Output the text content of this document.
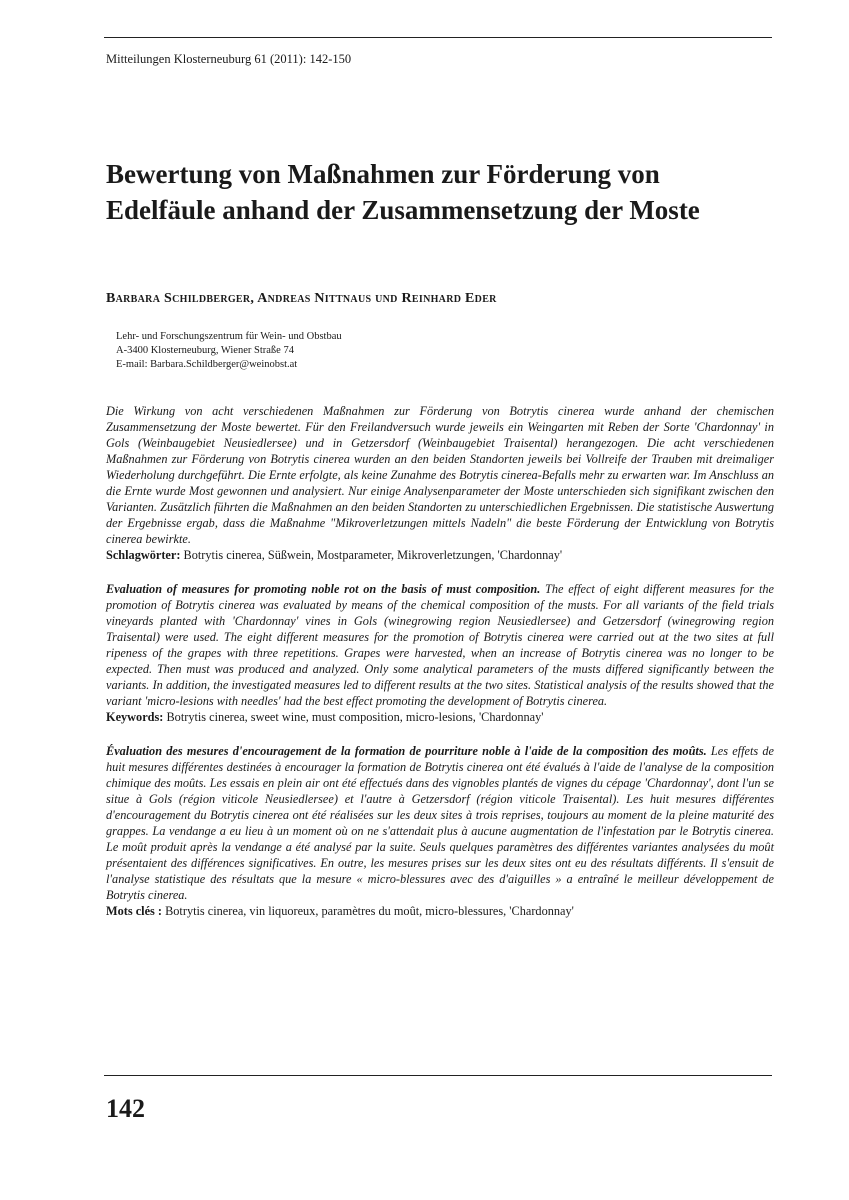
Mitteilungen Klosterneuburg 61 (2011): 142-150
Bewertung von Maßnahmen zur Förderung von
Edelfäule anhand der Zusammensetzung der Moste
Barbara Schildberger, Andreas Nittnaus und Reinhard Eder
Lehr- und Forschungszentrum für Wein- und Obstbau
A-3400 Klosterneuburg, Wiener Straße 74
E-mail: Barbara.Schildberger@weinobst.at

Die Wirkung von acht verschiedenen Maßnahmen zur Förderung von Botrytis cinerea wurde anhand der chemischen Zusammensetzung der Moste bewertet. Für den Freilandversuch wurde jeweils ein Weingarten mit Reben der Sorte 'Chardonnay' in Gols (Weinbaugebiet Neusiedlersee) und in Getzersdorf (Weinbaugebiet Traisental) herangezogen. Die acht verschiedenen Maßnahmen zur Förderung von Botrytis cinerea wurden an den beiden Standorten jeweils bei Vollreife der Trauben mit dreimaliger Wiederholung durchgeführt. Die Ernte erfolgte, als keine Zunahme des Botrytis cinerea-Befalls mehr zu erwarten war. Im Anschluss an die Ernte wurde Most gewonnen und analysiert. Nur einige Analysenparameter der Moste unterschieden sich signifikant zwischen den Varianten. Zusätzlich führten die Maßnahmen an den beiden Standorten zu unterschiedlichen Ergebnissen. Die statistische Auswertung der Ergebnisse ergab, dass die Maßnahme "Mikroverletzungen mittels Nadeln" die beste Förderung der Entwicklung von Botrytis cinerea bewirkte.

Schlagwörter: Botrytis cinerea, Süßwein, Mostparameter, Mikroverletzungen, 'Chardonnay'

Evaluation of measures for promoting noble rot on the basis of must composition. The effect of eight different measures for the promotion of Botrytis cinerea was evaluated by means of the chemical composition of the musts. For all variants of the field trials vineyards planted with 'Chardonnay' vines in Gols (winegrowing region Neusiedlersee) and Getzersdorf (winegrowing region Traisental) were used. The eight different measures for the promotion of Botrytis cinerea were carried out at the two sites at full ripeness of the grapes with three repetitions. Grapes were harvested, when an increase of Botrytis cinerea was no longer to be expected. Then must was produced and analyzed. Only some analytical parameters of the musts differed significantly between the variants. In addition, the investigated measures led to different results at the two sites. Statistical analysis of the results showed that the variant 'micro-lesions with needles' had the best effect promoting the development of Botrytis cinerea.

Keywords: Botrytis cinerea, sweet wine, must composition, micro-lesions, 'Chardonnay'

Évaluation des mesures d'encouragement de la formation de pourriture noble à l'aide de la composition des moûts. Les effets de huit mesures différentes destinées à encourager la formation de Botrytis cinerea ont été évalués à l'aide de l'analyse de la composition chimique des moûts. Les essais en plein air ont été effectués dans des vignobles plantés de vignes du cépage 'Chardonnay', dont l'un se situe à Gols (région viticole Neusiedlersee) et l'autre à Getzersdorf (région viticole Traisental). Les huit mesures différentes d'encouragement du Botrytis cinerea ont été réalisées sur les deux sites à trois reprises, toujours au moment de la pleine maturité des grappes. La vendange a eu lieu à un moment où on ne s'attendait plus à aucune augmentation de l'infestation par le Botrytis cinerea. Le moût produit après la vendange a été analysé par la suite. Seuls quelques paramètres des différentes variantes analysées du moût présentaient des différences significatives. En outre, les mesures prises sur les deux sites ont eu des résultats différents. Il s'ensuit de l'analyse statistique des résultats que la mesure « micro-blessures avec des d'aiguilles » a entraîné le meilleur développement de Botrytis cinerea.

Mots clés : Botrytis cinerea, vin liquoreux, paramètres du moût, micro-blessures, 'Chardonnay'

142
